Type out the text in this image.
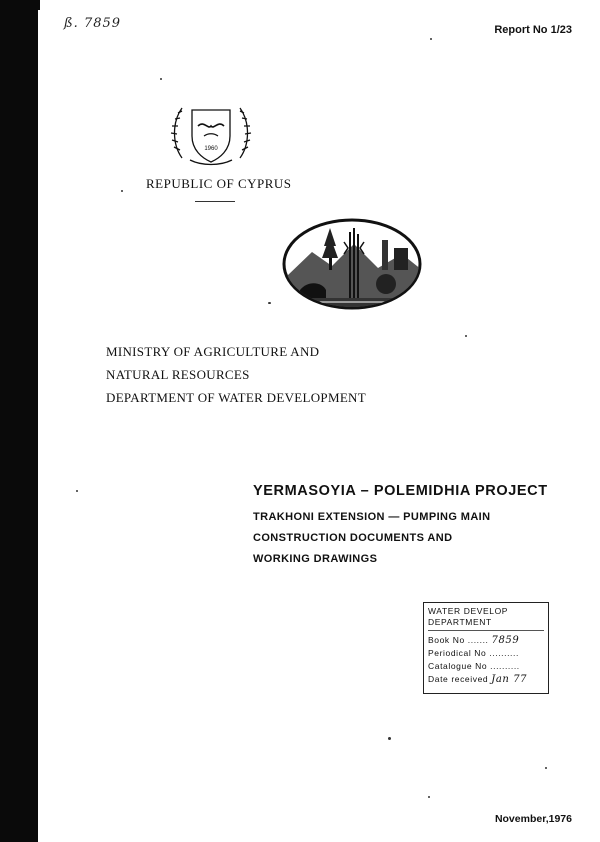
ß. 7859	Report No 1/23
1960
REPUBLIC OF CYPRUS
MINISTRY OF AGRICULTURE AND
NATURAL RESOURCES
DEPARTMENT OF WATER DEVELOPMENT
YERMASOYIA – POLEMIDHIA PROJECT
TRAKHONI EXTENSION — PUMPING MAIN
CONSTRUCTION DOCUMENTS AND
WORKING DRAWINGS
WATER DEVELOP
DEPARTMENT
Book No ....... 7859
Periodical No ..........
Catalogue No ..........
Date received Jan 77
November,1976
